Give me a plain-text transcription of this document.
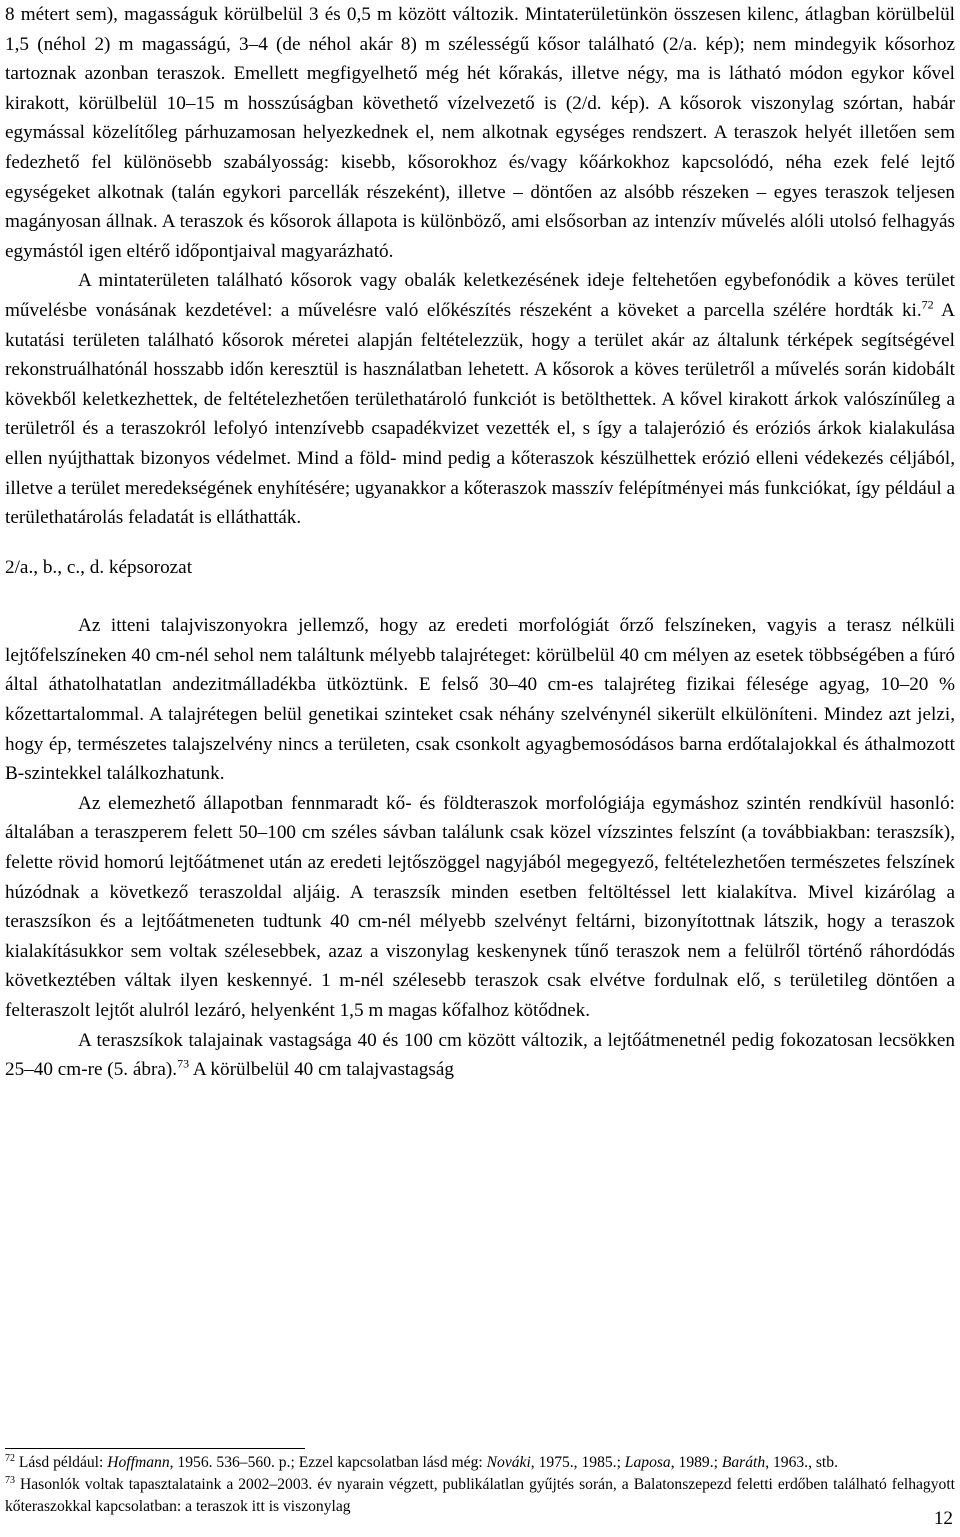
8 métert sem), magasságuk körülbelül 3 és 0,5 m között változik. Mintaterületünkön összesen kilenc, átlagban körülbelül 1,5 (néhol 2) m magasságú, 3–4 (de néhol akár 8) m szélességű kősor található (2/a. kép); nem mindegyik kősorhoz tartoznak azonban teraszok. Emellett megfigyelhető még hét kőrakás, illetve négy, ma is látható módon egykor kővel kirakott, körülbelül 10–15 m hosszúságban követhető vízelvezető is (2/d. kép). A kősorok viszonylag szórtan, habár egymással közelítőleg párhuzamosan helyezkednek el, nem alkotnak egységes rendszert. A teraszok helyét illetően sem fedezhető fel különösebb szabályosság: kisebb, kősorokhoz és/vagy kőárkokhoz kapcsolódó, néha ezek felé lejtő egységeket alkotnak (talán egykori parcellák részeként), illetve – döntően az alsóbb részeken – egyes teraszok teljesen magányosan állnak. A teraszok és kősorok állapota is különböző, ami elsősorban az intenzív művelés alóli utolsó felhagyás egymástól igen eltérő időpontjaival magyarázható.

A mintaterületen található kősorok vagy obalák keletkezésének ideje feltehetően egybefonódik a köves terület művelésbe vonásának kezdetével: a művelésre való előkészítés részeként a köveket a parcella szélére hordták ki.$^{72}$ A kutatási területen található kősorok méretei alapján feltételezzük, hogy a terület akár az általunk térképek segítségével rekonstruálhatónál hosszabb időn keresztül is használatban lehetett. A kősorok a köves területről a művelés során kidobált kövekből keletkezhettek, de feltételezhetően területhatároló funkciót is betölthettek. A kővel kirakott árkok valószínűleg a területről és a teraszokról lefolyó intenzívebb csapadékvizet vezették el, s így a talajerózió és eróziós árkok kialakulása ellen nyújthattak bizonyos védelmet. Mind a föld- mind pedig a kőteraszok készülhettek erózió elleni védekezés céljából, illetve a terület meredekségének enyhítésére; ugyanakkor a kőteraszok masszív felépítményei más funkciókat, így például a területhatárolás feladatát is elláthatták.

2/a., b., c., d. képsorozat

Az itteni talajviszonyokra jellemző, hogy az eredeti morfológiát őrző felszíneken, vagyis a terasz nélküli lejtőfelszíneken 40 cm-nél sehol nem találtunk mélyebb talajréteget: körülbelül 40 cm mélyen az esetek többségében a fúró által áthatolhatatlan andezitmálladékba ütköztünk. E felső 30–40 cm-es talajréteg fizikai félesége agyag, 10–20 % kőzettartalommal. A talajrétegen belül genetikai szinteket csak néhány szelvénynél sikerült elkülöníteni. Mindez azt jelzi, hogy ép, természetes talajszelvény nincs a területen, csak csonkolt agyagbemosódásos barna erdőtalajokkal és áthalmozott B-szintekkel találkozhatunk.

Az elemezhető állapotban fennmaradt kő- és földteraszok morfológiája egymáshoz szintén rendkívül hasonló: általában a teraszperem felett 50–100 cm széles sávban találunk csak közel vízszintes felszínt (a továbbiakban: teraszsík), felette rövid homorú lejtőátmenet után az eredeti lejtőszöggel nagyjából megegyező, feltételezhetően természetes felszínek húzódnak a következő teraszoldal aljáig. A teraszsík minden esetben feltöltéssel lett kialakítva. Mivel kizárólag a teraszsíkon és a lejtőátmeneten tudtunk 40 cm-nél mélyebb szelvényt feltárni, bizonyítottnak látszik, hogy a teraszok kialakításukkor sem voltak szélesebbek, azaz a viszonylag keskenynek tűnő teraszok nem a felülről történő ráhordódás következtében váltak ilyen keskennyé. 1 m-nél szélesebb teraszok csak elvétve fordulnak elő, s területileg döntően a felteraszolt lejtőt alulról lezáró, helyenként 1,5 m magas kőfalhoz kötődnek.

A teraszsíkok talajainak vastagsága 40 és 100 cm között változik, a lejtőátmenetnél pedig fokozatosan lecsökken 25–40 cm-re (5. ábra).$^{73}$ A körülbelül 40 cm talajvastagság

$^{72}$ Lásd például: Hoffmann, 1956. 536–560. p.; Ezzel kapcsolatban lásd még: Nováki, 1975., 1985.; Laposa, 1989.; Baráth, 1963., stb.

$^{73}$ Hasonlók voltak tapasztalataink a 2002–2003. év nyarain végzett, publikálatlan gyűjtés során, a Balatonszepezd feletti erdőben található felhagyott kőteraszokkal kapcsolatban: a teraszok itt is viszonylag

12
